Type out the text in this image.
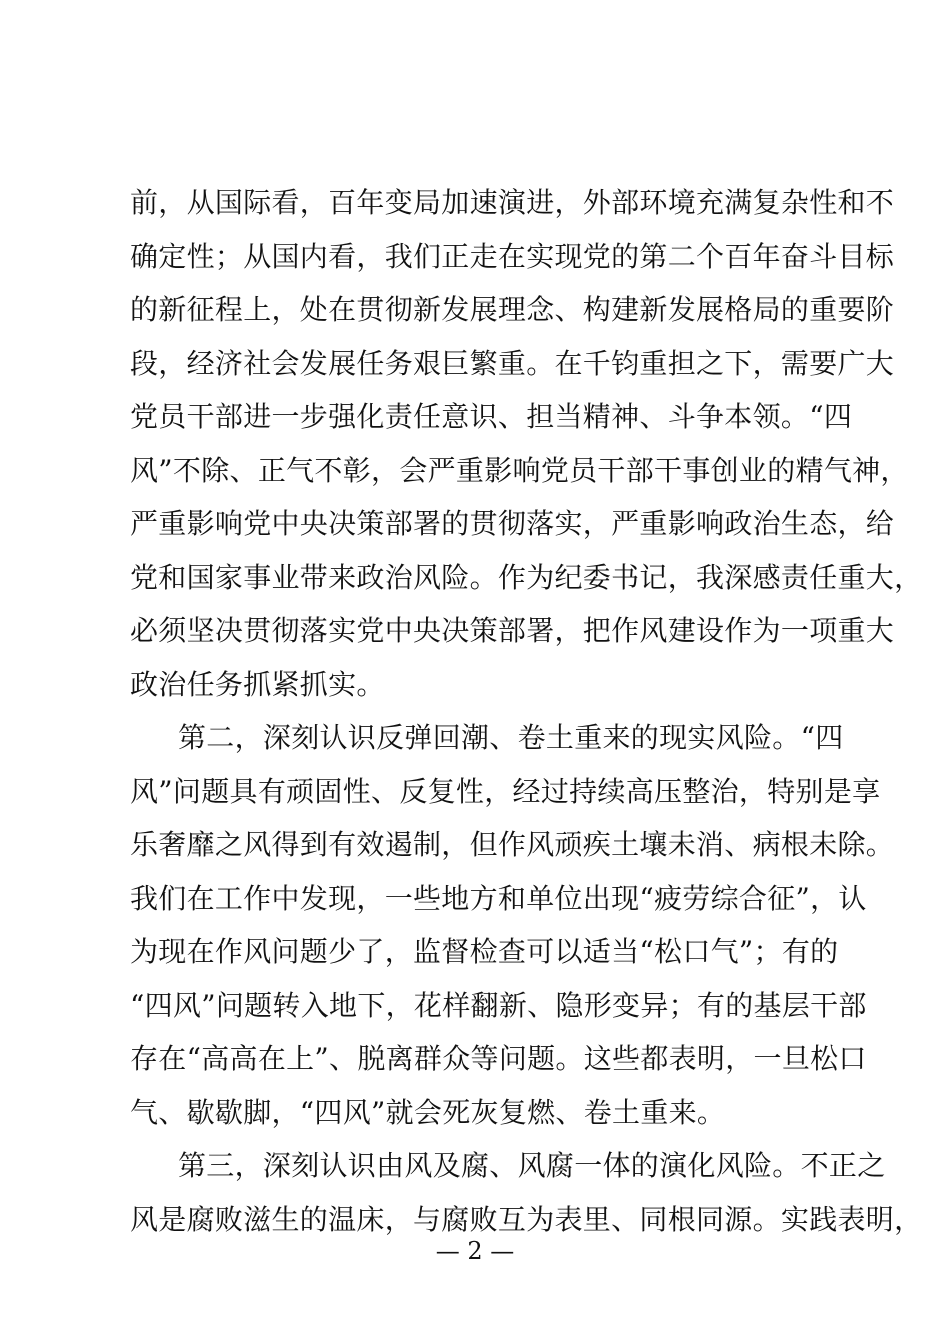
前，从国际看，百年变局加速演进，外部环境充满复杂性和不
确定性；从国内看，我们正走在实现党的第二个百年奋斗目标
的新征程上，处在贯彻新发展理念、构建新发展格局的重要阶
段，经济社会发展任务艰巨繁重。在千钧重担之下，需要广大
党员干部进一步强化责任意识、担当精神、斗争本领。“四
风”不除、正气不彰，会严重影响党员干部干事创业的精气神，
严重影响党中央决策部署的贯彻落实，严重影响政治生态，给
党和国家事业带来政治风险。作为纪委书记，我深感责任重大，
必须坚决贯彻落实党中央决策部署，把作风建设作为一项重大
政治任务抓紧抓实。
第二，深刻认识反弹回潮、卷土重来的现实风险。“四
风”问题具有顽固性、反复性，经过持续高压整治，特别是享
乐奢靡之风得到有效遏制，但作风顽疾土壤未消、病根未除。
我们在工作中发现，一些地方和单位出现“疲劳综合征”，认
为现在作风问题少了，监督检查可以适当“松口气”；有的
“四风”问题转入地下，花样翻新、隐形变异；有的基层干部
存在“高高在上”、脱离群众等问题。这些都表明，一旦松口
气、歇歇脚，“四风”就会死灰复燃、卷土重来。
第三，深刻认识由风及腐、风腐一体的演化风险。不正之
风是腐败滋生的温床，与腐败互为表里、同根同源。实践表明，
— 2 —
